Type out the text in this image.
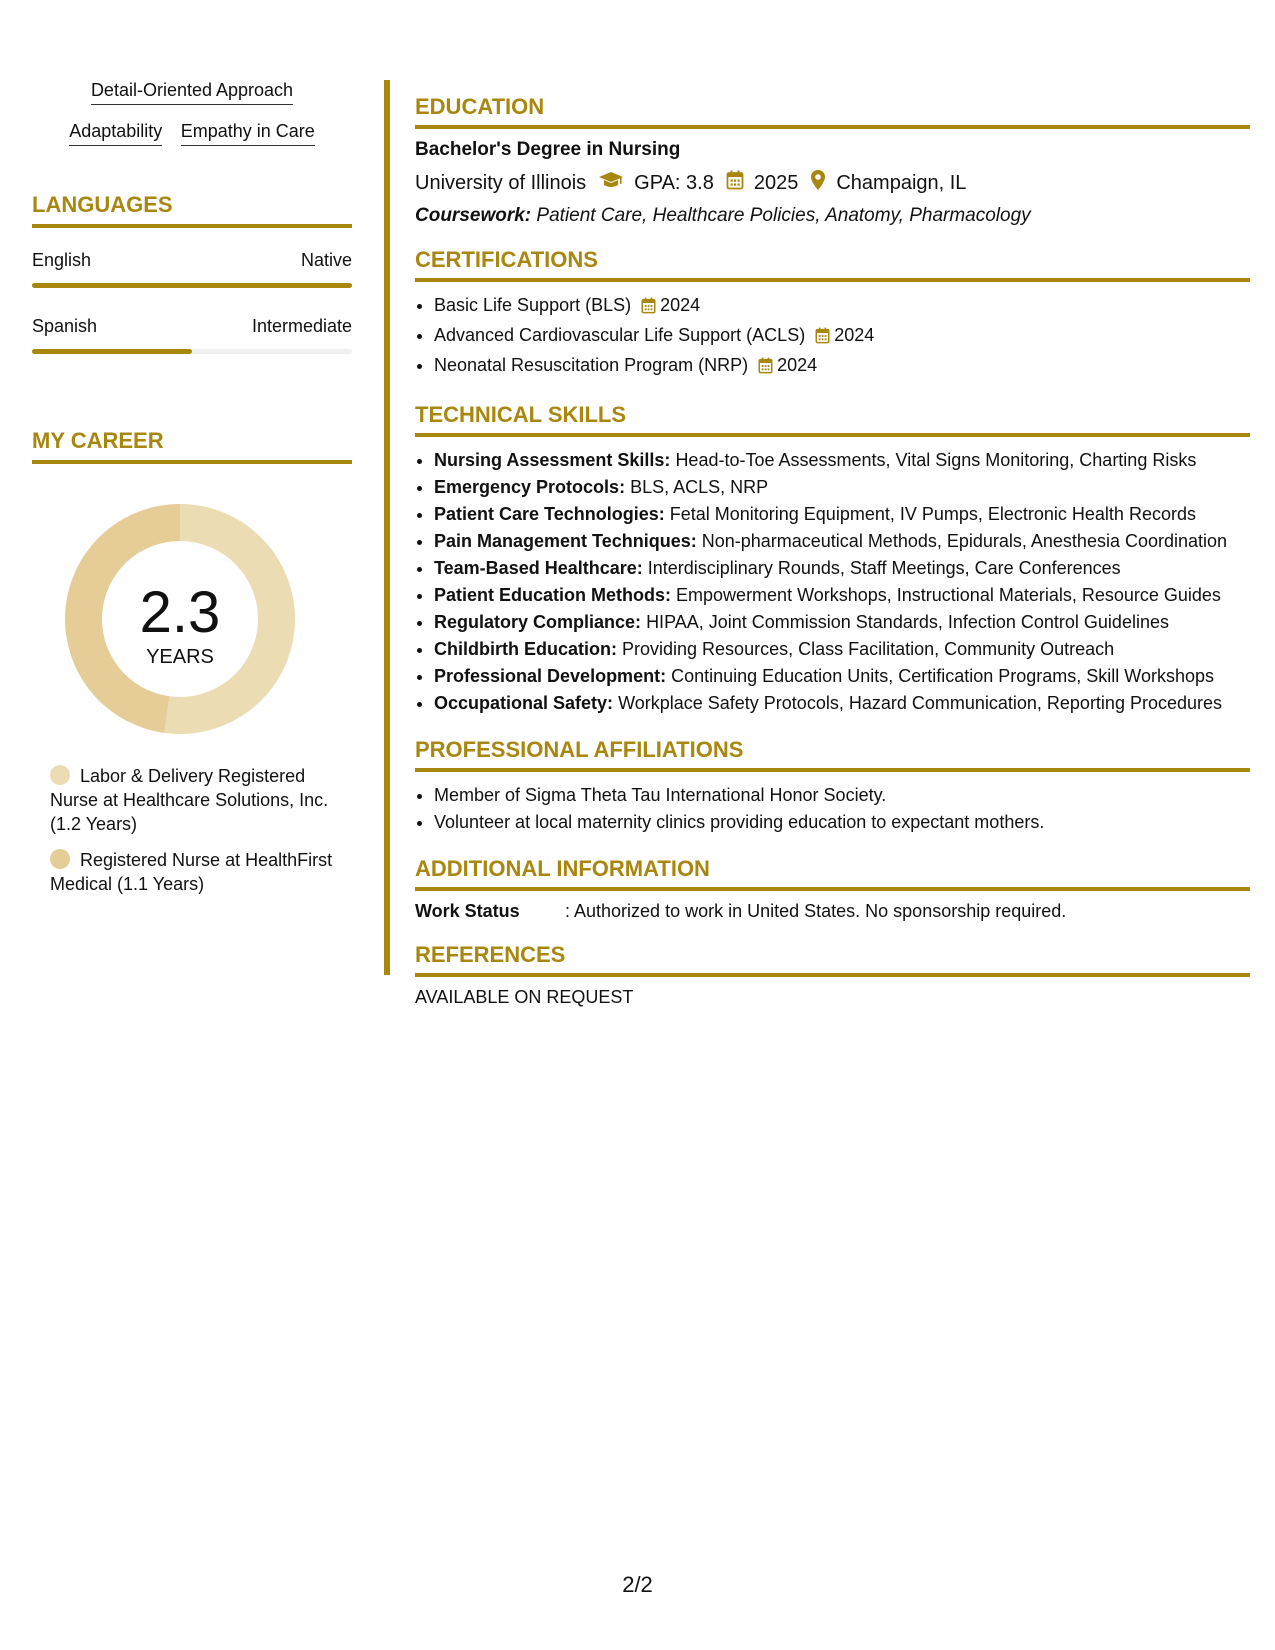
Detail-Oriented Approach
Adaptability Empathy in Care
LANGUAGES
English	Native
Spanish	Intermediate
MY CAREER
2.3
YEARS
Labor & Delivery Registered Nurse at Healthcare Solutions, Inc. (1.2 Years)
Registered Nurse at HealthFirst Medical (1.1 Years)
EDUCATION
Bachelor's Degree in Nursing
University of Illinois GPA: 3.8 2025 Champaign, IL
Coursework: Patient Care, Healthcare Policies, Anatomy, Pharmacology
CERTIFICATIONS
• Basic Life Support (BLS) 2024
• Advanced Cardiovascular Life Support (ACLS) 2024
• Neonatal Resuscitation Program (NRP) 2024
TECHNICAL SKILLS
• Nursing Assessment Skills: Head-to-Toe Assessments, Vital Signs Monitoring, Charting Risks
• Emergency Protocols: BLS, ACLS, NRP
• Patient Care Technologies: Fetal Monitoring Equipment, IV Pumps, Electronic Health Records
• Pain Management Techniques: Non-pharmaceutical Methods, Epidurals, Anesthesia Coordination
• Team-Based Healthcare: Interdisciplinary Rounds, Staff Meetings, Care Conferences
• Patient Education Methods: Empowerment Workshops, Instructional Materials, Resource Guides
• Regulatory Compliance: HIPAA, Joint Commission Standards, Infection Control Guidelines
• Childbirth Education: Providing Resources, Class Facilitation, Community Outreach
• Professional Development: Continuing Education Units, Certification Programs, Skill Workshops
• Occupational Safety: Workplace Safety Protocols, Hazard Communication, Reporting Procedures
PROFESSIONAL AFFILIATIONS
• Member of Sigma Theta Tau International Honor Society.
• Volunteer at local maternity clinics providing education to expectant mothers.
ADDITIONAL INFORMATION
Work Status	: Authorized to work in United States. No sponsorship required.
REFERENCES
AVAILABLE ON REQUEST
2/2
